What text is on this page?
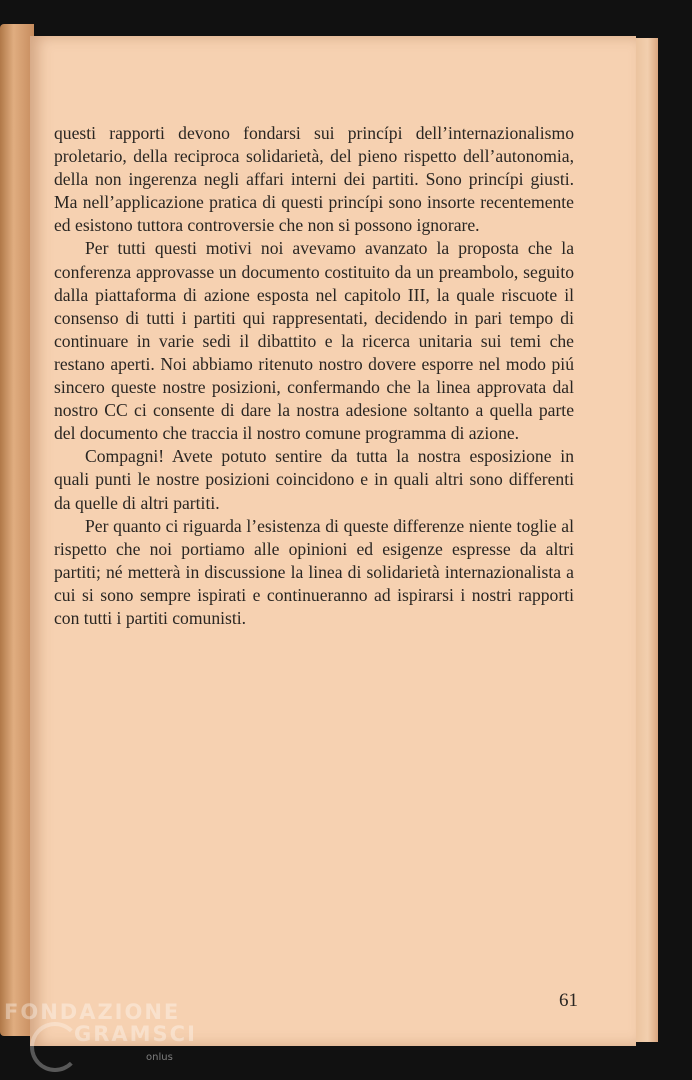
questi rapporti devono fondarsi sui princípi dell’internazionalismo proletario, della reciproca solidarietà, del pieno rispetto dell’autonomia, della non ingerenza negli affari interni dei partiti. Sono princípi giusti. Ma nell’applicazione pratica di questi princípi sono insorte recentemente ed esistono tuttora controversie che non si possono ignorare.

Per tutti questi motivi noi avevamo avanzato la proposta che la conferenza approvasse un documento costituito da un preambolo, seguito dalla piattaforma di azione esposta nel capitolo III, la quale riscuote il consenso di tutti i partiti qui rappresentati, decidendo in pari tempo di continuare in varie sedi il dibattito e la ricerca unitaria sui temi che restano aperti. Noi abbiamo ritenuto nostro dovere esporre nel modo piú sincero queste nostre posizioni, confermando che la linea approvata dal nostro CC ci consente di dare la nostra adesione soltanto a quella parte del documento che traccia il nostro comune programma di azione.

Compagni! Avete potuto sentire da tutta la nostra esposizione in quali punti le nostre posizioni coincidono e in quali altri sono differenti da quelle di altri partiti.

Per quanto ci riguarda l’esistenza di queste differenze niente toglie al rispetto che noi portiamo alle opinioni ed esigenze espresse da altri partiti; né metterà in discussione la linea di solidarietà internazionalista a cui si sono sempre ispirati e continueranno ad ispirarsi i nostri rapporti con tutti i partiti comunisti.

61
FONDAZIONE
GRAMSCI
onlus
